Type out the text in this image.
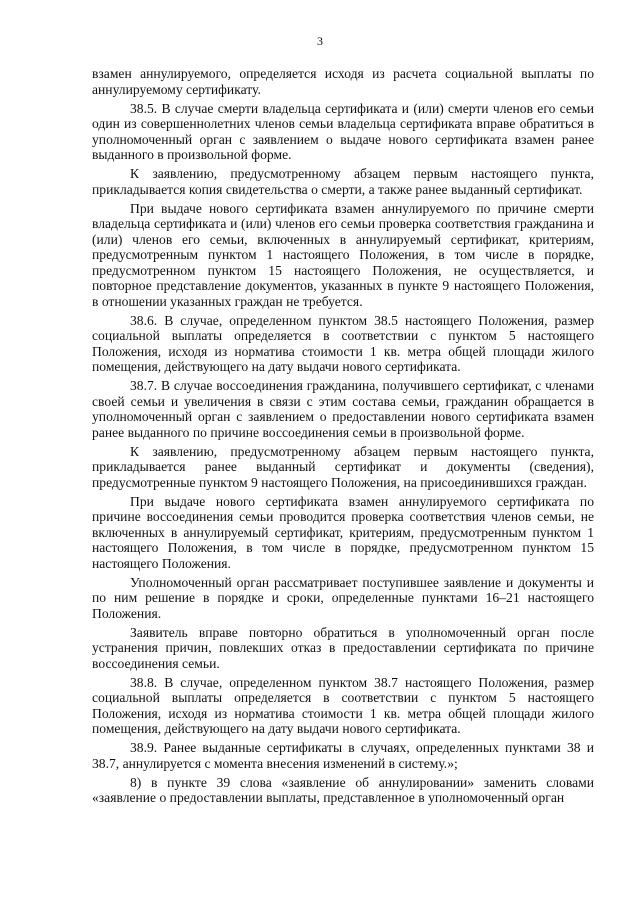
3

взамен аннулируемого, определяется исходя из расчета социальной выплаты по аннулируемому сертификату.

38.5. В случае смерти владельца сертификата и (или) смерти членов его семьи один из совершеннолетних членов семьи владельца сертификата вправе обратиться в уполномоченный орган с заявлением о выдаче нового сертификата взамен ранее выданного в произвольной форме.

К заявлению, предусмотренному абзацем первым настоящего пункта, прикладывается копия свидетельства о смерти, а также ранее выданный сертификат.

При выдаче нового сертификата взамен аннулируемого по причине смерти владельца сертификата и (или) членов его семьи проверка соответствия гражданина и (или) членов его семьи, включенных в аннулируемый сертификат, критериям, предусмотренным пунктом 1 настоящего Положения, в том числе в порядке, предусмотренном пунктом 15 настоящего Положения, не осуществляется, и повторное представление документов, указанных в пункте 9 настоящего Положения, в отношении указанных граждан не требуется.

38.6. В случае, определенном пунктом 38.5 настоящего Положения, размер социальной выплаты определяется в соответствии с пунктом 5 настоящего Положения, исходя из норматива стоимости 1 кв. метра общей площади жилого помещения, действующего на дату выдачи нового сертификата.

38.7. В случае воссоединения гражданина, получившего сертификат, с членами своей семьи и увеличения в связи с этим состава семьи, гражданин обращается в уполномоченный орган с заявлением о предоставлении нового сертификата взамен ранее выданного по причине воссоединения семьи в произвольной форме.

К заявлению, предусмотренному абзацем первым настоящего пункта, прикладывается ранее выданный сертификат и документы (сведения), предусмотренные пунктом 9 настоящего Положения, на присоединившихся граждан.

При выдаче нового сертификата взамен аннулируемого сертификата по причине воссоединения семьи проводится проверка соответствия членов семьи, не включенных в аннулируемый сертификат, критериям, предусмотренным пунктом 1 настоящего Положения, в том числе в порядке, предусмотренном пунктом 15 настоящего Положения.

Уполномоченный орган рассматривает поступившее заявление и документы и по ним решение в порядке и сроки, определенные пунктами 16–21 настоящего Положения.

Заявитель вправе повторно обратиться в уполномоченный орган после устранения причин, повлекших отказ в предоставлении сертификата по причине воссоединения семьи.

38.8. В случае, определенном пунктом 38.7 настоящего Положения, размер социальной выплаты определяется в соответствии с пунктом 5 настоящего Положения, исходя из норматива стоимости 1 кв. метра общей площади жилого помещения, действующего на дату выдачи нового сертификата.

38.9. Ранее выданные сертификаты в случаях, определенных пунктами 38 и 38.7, аннулируется с момента внесения изменений в систему.»;

8) в пункте 39 слова «заявление об аннулировании» заменить словами «заявление о предоставлении выплаты, представленное в уполномоченный орган
